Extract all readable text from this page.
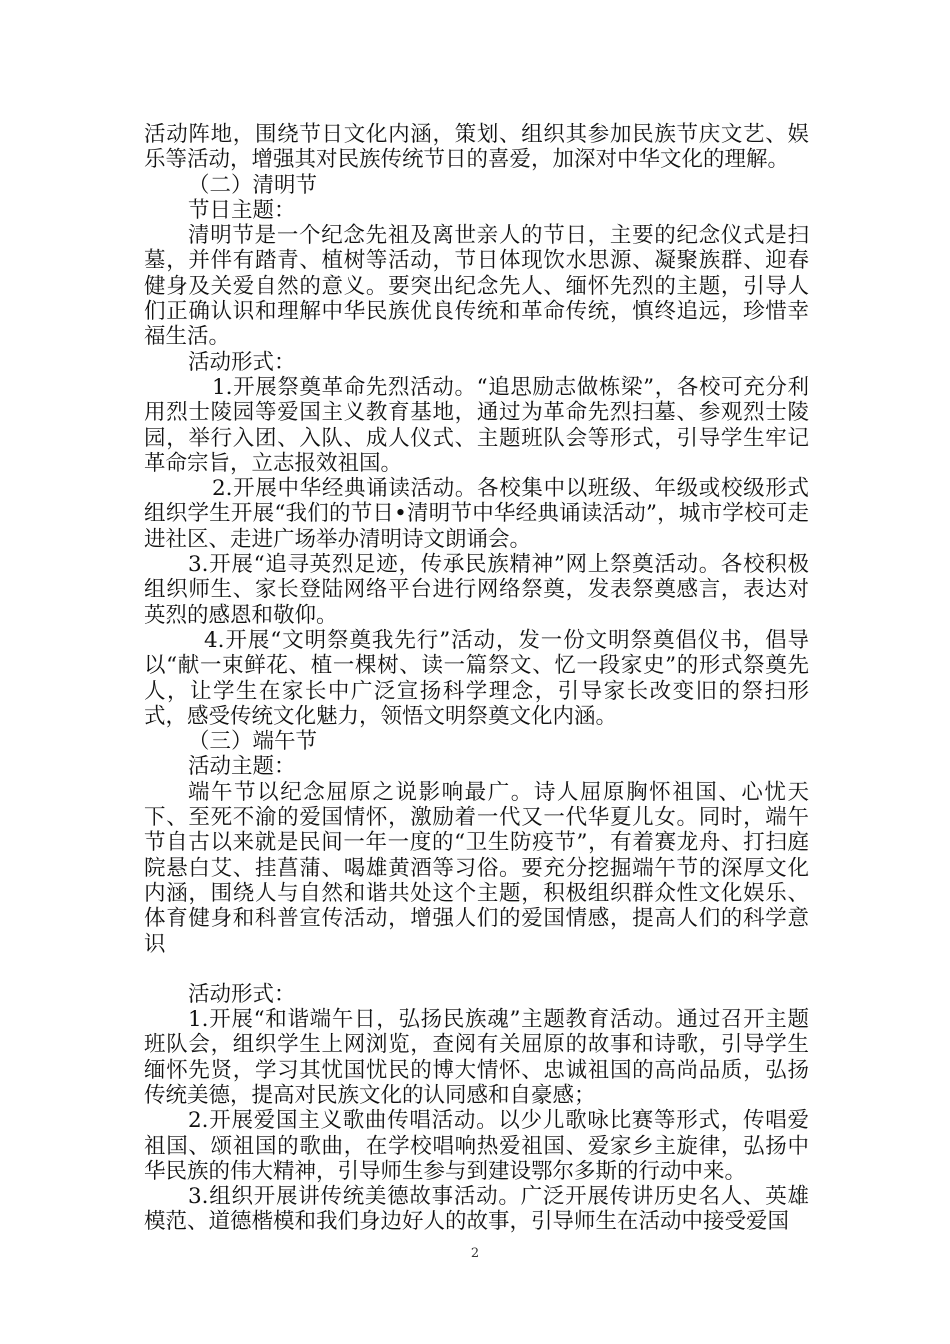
活动阵地，围绕节日文化内涵，策划、组织其参加民族节庆文艺、娱乐等活动，增强其对民族传统节日的喜爱，加深对中华文化的理解。

（二）清明节

节日主题：

清明节是一个纪念先祖及离世亲人的节日，主要的纪念仪式是扫墓，并伴有踏青、植树等活动，节日体现饮水思源、凝聚族群、迎春健身及关爱自然的意义。要突出纪念先人、缅怀先烈的主题，引导人们正确认识和理解中华民族优良传统和革命传统，慎终追远，珍惜幸福生活。

活动形式：

1.开展祭奠革命先烈活动。“追思励志做栋梁”，各校可充分利用烈士陵园等爱国主义教育基地，通过为革命先烈扫墓、参观烈士陵园，举行入团、入队、成人仪式、主题班队会等形式，引导学生牢记革命宗旨，立志报效祖国。

2.开展中华经典诵读活动。各校集中以班级、年级或校级形式组织学生开展“我们的节日•清明节中华经典诵读活动”，城市学校可走进社区、走进广场举办清明诗文朗诵会。

3.开展“追寻英烈足迹，传承民族精神”网上祭奠活动。各校积极组织师生、家长登陆网络平台进行网络祭奠，发表祭奠感言，表达对英烈的感恩和敬仰。

4.开展“文明祭奠我先行”活动，发一份文明祭奠倡仪书，倡导以“献一束鲜花、植一棵树、读一篇祭文、忆一段家史”的形式祭奠先人，让学生在家长中广泛宣扬科学理念，引导家长改变旧的祭扫形式，感受传统文化魅力，领悟文明祭奠文化内涵。

（三）端午节

活动主题：

端午节以纪念屈原之说影响最广。诗人屈原胸怀祖国、心忧天下、至死不渝的爱国情怀，激励着一代又一代华夏儿女。同时，端午节自古以来就是民间一年一度的“卫生防疫节”，有着赛龙舟、打扫庭院悬白艾、挂菖蒲、喝雄黄酒等习俗。要充分挖掘端午节的深厚文化内涵，围绕人与自然和谐共处这个主题，积极组织群众性文化娱乐、体育健身和科普宣传活动，增强人们的爱国情感，提高人们的科学意识

活动形式：

1.开展“和谐端午日，弘扬民族魂”主题教育活动。通过召开主题班队会，组织学生上网浏览，查阅有关屈原的故事和诗歌，引导学生缅怀先贤，学习其忧国忧民的博大情怀、忠诚祖国的高尚品质，弘扬传统美德，提高对民族文化的认同感和自豪感；

2.开展爱国主义歌曲传唱活动。以少儿歌咏比赛等形式，传唱爱祖国、颂祖国的歌曲，在学校唱响热爱祖国、爱家乡主旋律，弘扬中华民族的伟大精神，引导师生参与到建设鄂尔多斯的行动中来。

3.组织开展讲传统美德故事活动。广泛开展传讲历史名人、英雄模范、道德楷模和我们身边好人的故事，引导师生在活动中接受爱国

2
